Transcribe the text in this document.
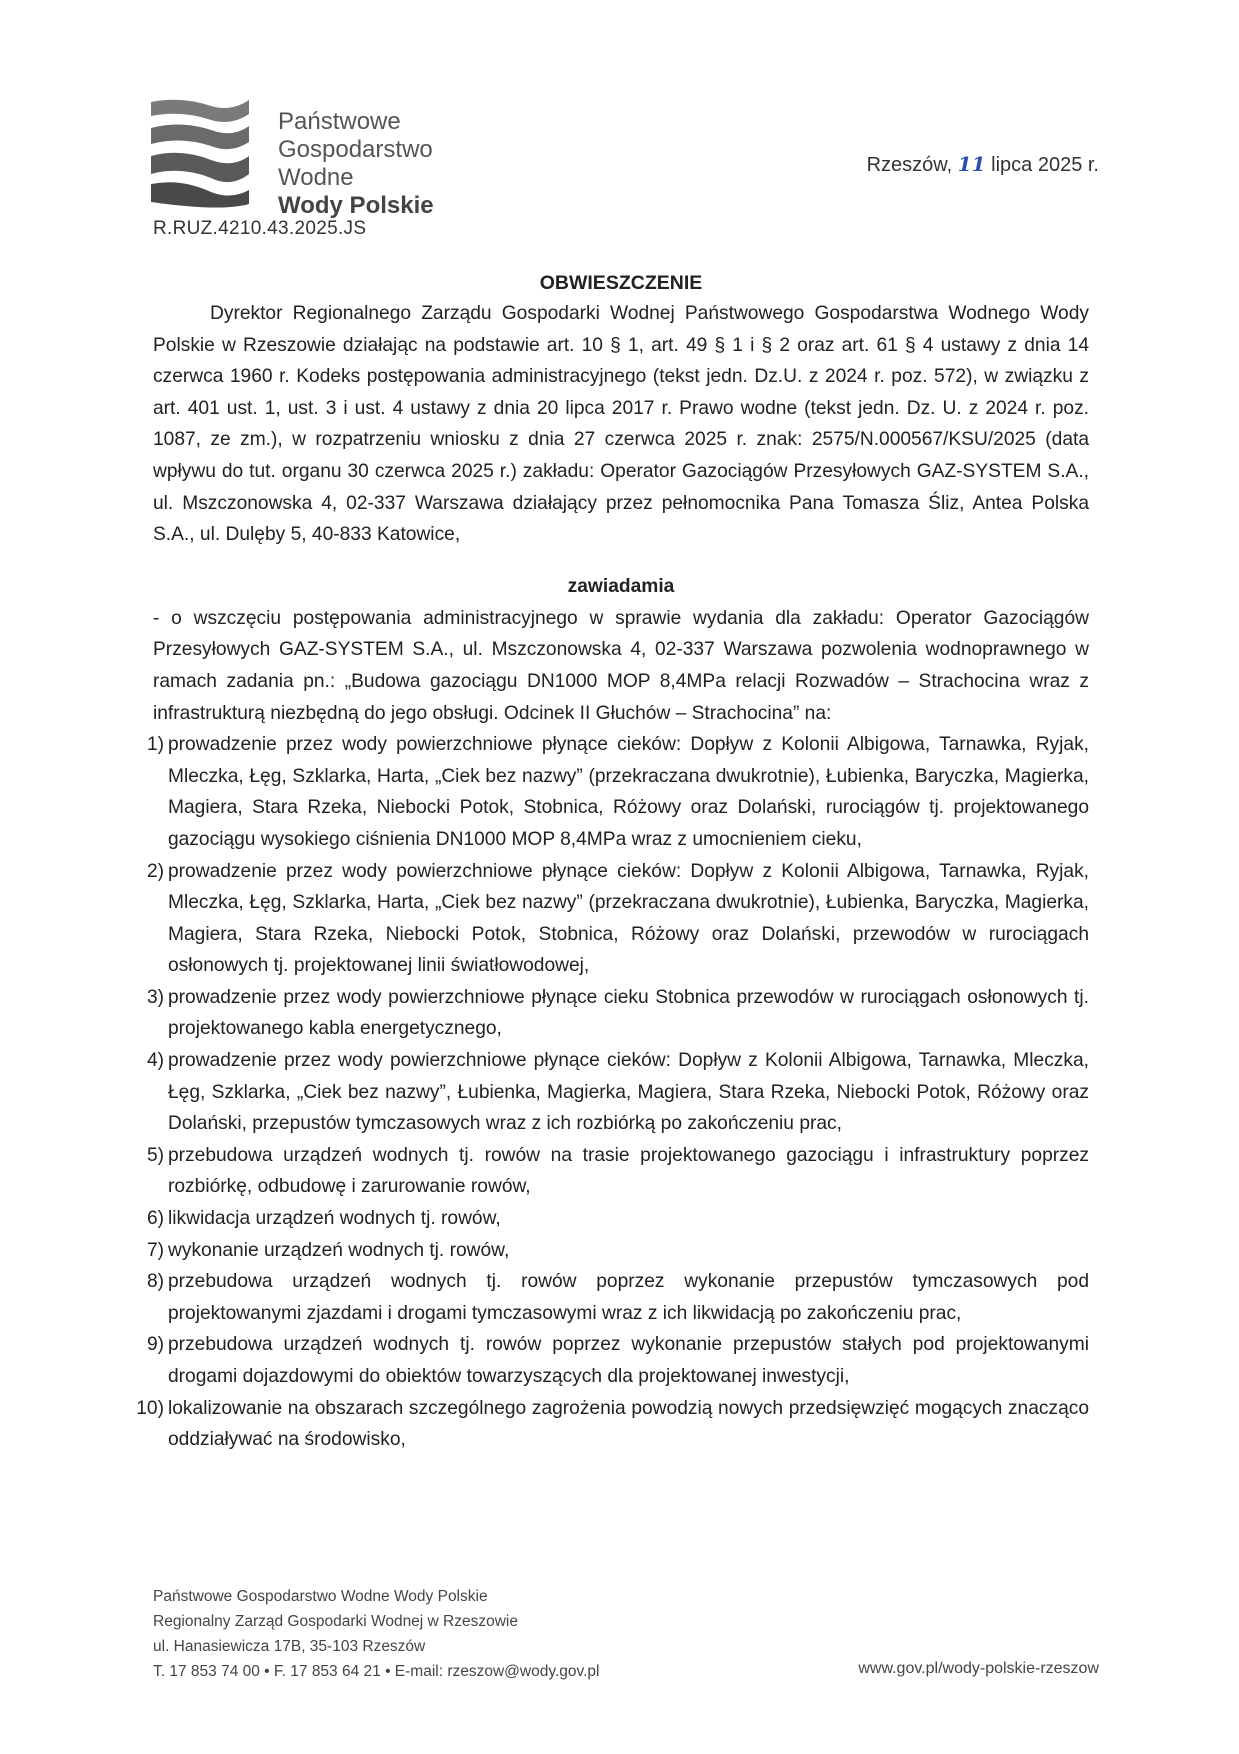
Państwowe
Gospodarstwo Wodne
Wody Polskie
Rzeszów, 11 lipca 2025 r.
R.RUZ.4210.43.2025.JS

OBWIESZCZENIE

Dyrektor Regionalnego Zarządu Gospodarki Wodnej Państwowego Gospodarstwa Wodnego Wody Polskie w Rzeszowie działając na podstawie art. 10 § 1, art. 49 § 1 i § 2 oraz art. 61 § 4 ustawy z dnia 14 czerwca 1960 r. Kodeks postępowania administracyjnego (tekst jedn. Dz.U. z 2024 r. poz. 572), w związku z art. 401 ust. 1, ust. 3 i ust. 4 ustawy z dnia 20 lipca 2017 r. Prawo wodne (tekst jedn. Dz. U. z 2024 r. poz. 1087, ze zm.), w rozpatrzeniu wniosku z dnia 27 czerwca 2025 r. znak: 2575/N.000567/KSU/2025 (data wpływu do tut. organu 30 czerwca 2025 r.) zakładu: Operator Gazociągów Przesyłowych GAZ-SYSTEM S.A., ul. Mszczonowska 4, 02-337 Warszawa działający przez pełnomocnika Pana Tomasza Śliz, Antea Polska S.A., ul. Dulęby 5, 40-833 Katowice,

zawiadamia

- o wszczęciu postępowania administracyjnego w sprawie wydania dla zakładu: Operator Gazociągów Przesyłowych GAZ-SYSTEM S.A., ul. Mszczonowska 4, 02-337 Warszawa pozwolenia wodnoprawnego w ramach zadania pn.: „Budowa gazociągu DN1000 MOP 8,4MPa relacji Rozwadów – Strachocina wraz z infrastrukturą niezbędną do jego obsługi. Odcinek II Głuchów – Strachocina” na:

1) prowadzenie przez wody powierzchniowe płynące cieków: Dopływ z Kolonii Albigowa, Tarnawka, Ryjak, Mleczka, Łęg, Szklarka, Harta, „Ciek bez nazwy” (przekraczana dwukrotnie), Łubienka, Baryczka, Magierka, Magiera, Stara Rzeka, Niebocki Potok, Stobnica, Różowy oraz Dolański, rurociągów tj. projektowanego gazociągu wysokiego ciśnienia DN1000 MOP 8,4MPa wraz z umocnieniem cieku,
2) prowadzenie przez wody powierzchniowe płynące cieków: Dopływ z Kolonii Albigowa, Tarnawka, Ryjak, Mleczka, Łęg, Szklarka, Harta, „Ciek bez nazwy” (przekraczana dwukrotnie), Łubienka, Baryczka, Magierka, Magiera, Stara Rzeka, Niebocki Potok, Stobnica, Różowy oraz Dolański, przewodów w rurociągach osłonowych tj. projektowanej linii światłowodowej,
3) prowadzenie przez wody powierzchniowe płynące cieku Stobnica przewodów w rurociągach osłonowych tj. projektowanego kabla energetycznego,
4) prowadzenie przez wody powierzchniowe płynące cieków: Dopływ z Kolonii Albigowa, Tarnawka, Mleczka, Łęg, Szklarka, „Ciek bez nazwy”, Łubienka, Magierka, Magiera, Stara Rzeka, Niebocki Potok, Różowy oraz Dolański, przepustów tymczasowych wraz z ich rozbiórką po zakończeniu prac,
5) przebudowa urządzeń wodnych tj. rowów na trasie projektowanego gazociągu i infrastruktury poprzez rozbiórkę, odbudowę i zarurowanie rowów,
6) likwidacja urządzeń wodnych tj. rowów,
7) wykonanie urządzeń wodnych tj. rowów,
8) przebudowa urządzeń wodnych tj. rowów poprzez wykonanie przepustów tymczasowych pod projektowanymi zjazdami i drogami tymczasowymi wraz z ich likwidacją po zakończeniu prac,
9) przebudowa urządzeń wodnych tj. rowów poprzez wykonanie przepustów stałych pod projektowanymi drogami dojazdowymi do obiektów towarzyszących dla projektowanej inwestycji,
10) lokalizowanie na obszarach szczególnego zagrożenia powodzią nowych przedsięwzięć mogących znacząco oddziaływać na środowisko,
Państwowe Gospodarstwo Wodne Wody Polskie
Regionalny Zarząd Gospodarki Wodnej w Rzeszowie
ul. Hanasiewicza 17B, 35-103 Rzeszów
T. 17 853 74 00 • F. 17 853 64 21 • E-mail: rzeszow@wody.gov.pl	www.gov.pl/wody-polskie-rzeszow
